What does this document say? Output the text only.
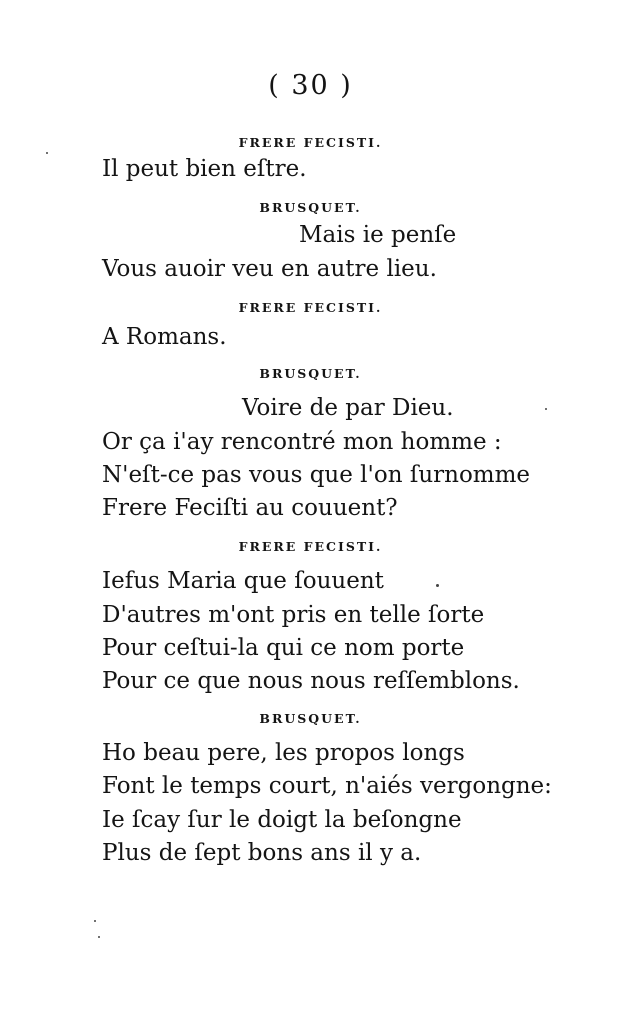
( 30 )
FRERE FECISTI.
Il peut bien eſtre.
BRUSQUET.
Mais ie penſe
Vous auoir veu en autre lieu.
FRERE FECISTI.
A Romans.
BRUSQUET.
Voire de par Dieu.
Or ça i'ay rencontré mon homme :
N'eſt-ce pas vous que l'on ſurnomme
Frere Feciſti au couuent?
FRERE FECISTI.
Iefus Maria que ſouuent
D'autres m'ont pris en telle ſorte
Pour ceſtui-la qui ce nom porte
Pour ce que nous nous reſſemblons.
BRUSQUET.
Ho beau pere, les propos longs
Font le temps court, n'aiés vergongne:
Ie ſcay ſur le doigt la beſongne
Plus de ſept bons ans il y a.
